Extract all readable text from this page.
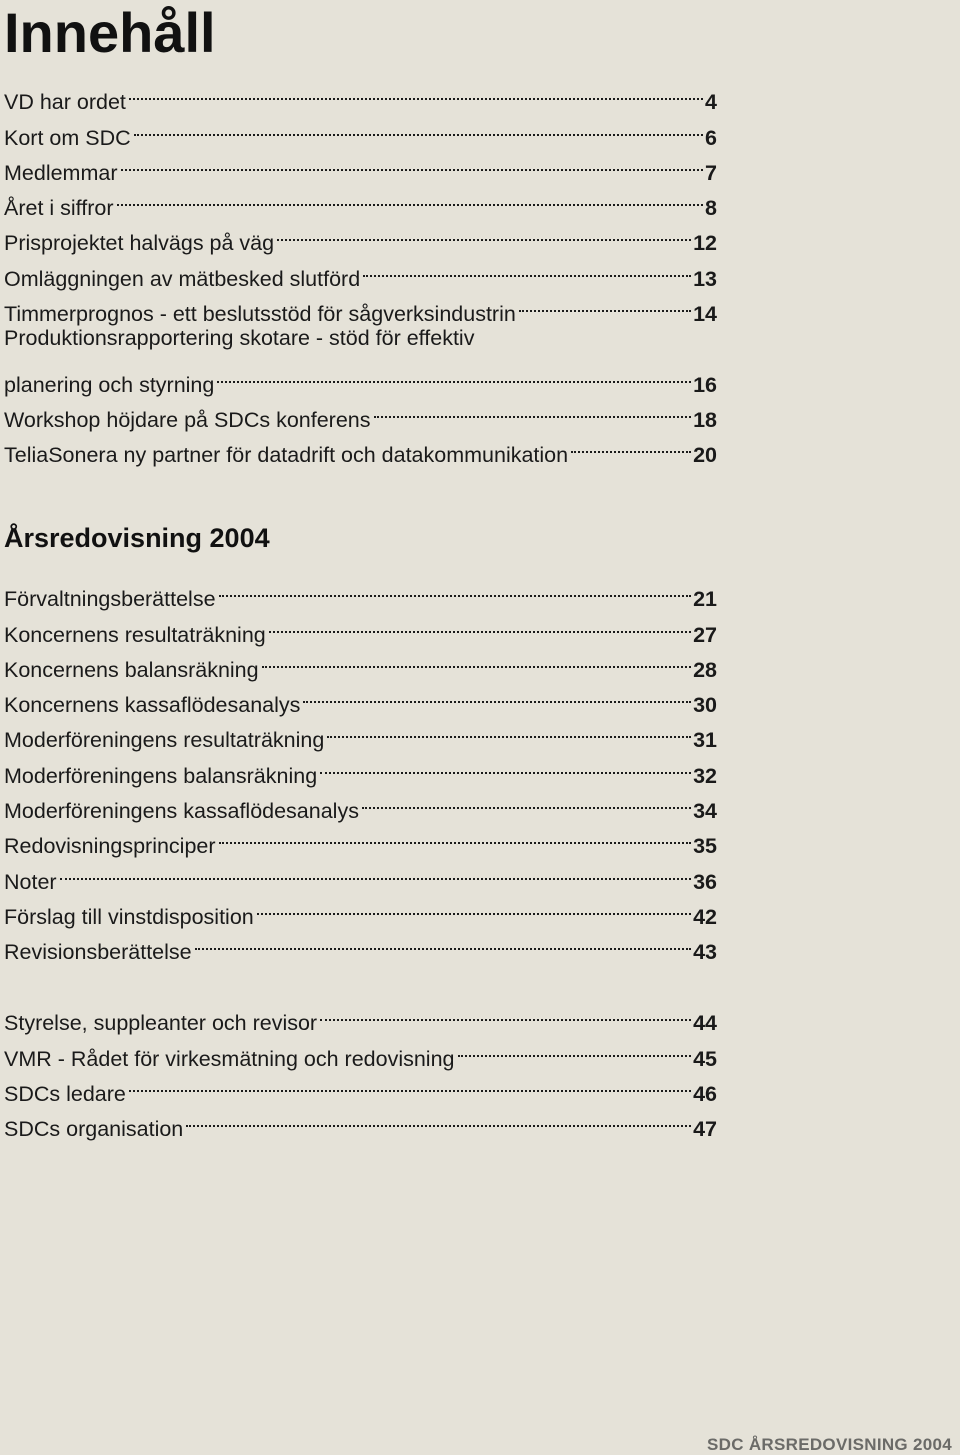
Innehåll
VD har ordet	4
Kort om SDC	6
Medlemmar	7
Året i siffror	8
Prisprojektet halvägs på väg	12
Omläggningen av mätbesked slutförd	13
Timmerprognos - ett beslutsstöd för sågverksindustrin	14
Produktionsrapportering skotare - stöd för effektiv
planering och styrning	16
Workshop höjdare på SDCs konferens	18
TeliaSonera ny partner för datadrift och datakommunikation	20
Årsredovisning 2004
Förvaltningsberättelse	21
Koncernens resultaträkning	27
Koncernens balansräkning	28
Koncernens kassaflödesanalys	30
Moderföreningens resultaträkning	31
Moderföreningens balansräkning	32
Moderföreningens kassaflödesanalys	34
Redovisningsprinciper	35
Noter	36
Förslag till vinstdisposition	42
Revisionsberättelse	43
Styrelse, suppleanter och revisor	44
VMR - Rådet för virkesmätning och redovisning	45
SDCs ledare	46
SDCs organisation	47
SDC ÅRSREDOVISNING 2004
